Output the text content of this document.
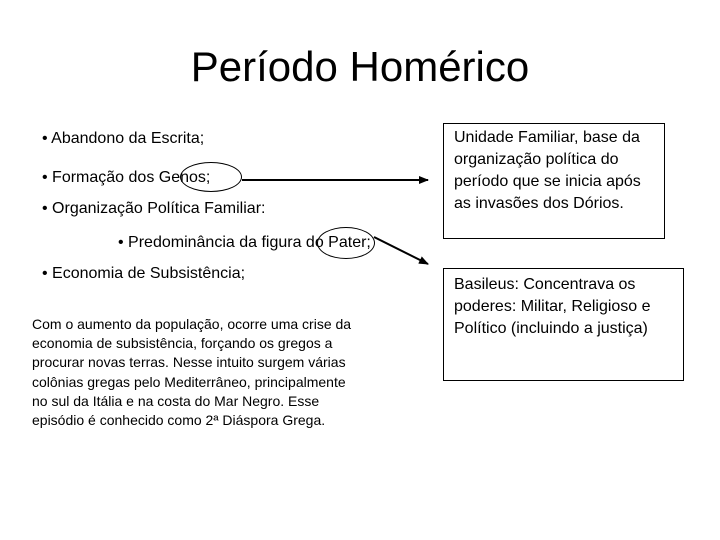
Período Homérico
• Abandono da Escrita;
• Formação dos Genos;
• Organização Política Familiar:
• Predominância da figura do Pater;
• Economia de Subsistência;
Com o aumento da população, ocorre uma crise da economia de subsistência, forçando os gregos a procurar novas terras. Nesse intuito surgem várias colônias gregas pelo Mediterrâneo, principalmente no sul da Itália e na costa do Mar Negro. Esse episódio é conhecido como 2ª Diáspora Grega.
Unidade Familiar, base da organização política do período que se inicia após as invasões dos Dórios.
Basileus: Concentrava os poderes: Militar, Religioso e Político (incluindo a justiça)
